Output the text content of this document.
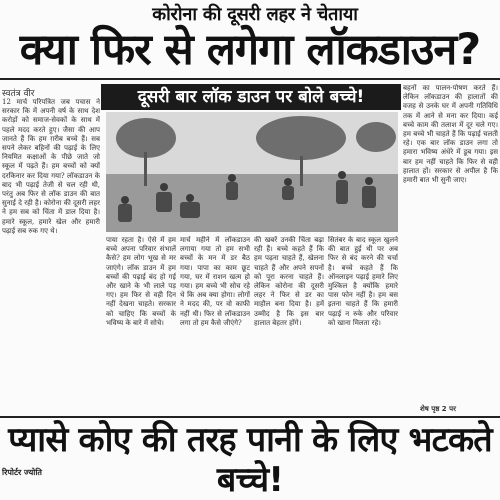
कोरोना की दूसरी लहर ने चेताया
क्या फिर से लगेगा लॉकडाउन?
स्वतंत्र वीर

12 मार्च परिपत्रित जब पचास ने सरकार कि में अपनी वर्ष के साथ देश करोड़ों को समाज-सेवकों के साथ में पहले मदद करते हुए। जैसा की आप जानते हैं कि हम ग़रीब बच्चे हैं। सब सपने लेकर बहिनों की पढ़ाई के लिए नियमित कक्षाओं के पीछे जाते जो स्कूल में पढ़ते हैं। हम बच्चों को क्यों दरकिनार कर दिया गया? लॉकडाउन के बाद भी पढ़ाई तेजी से चल रही थी, परंतु अब फिर से लॉक डाउन की बात सुनाई दे रही है। कोरोना की दूसरी लहर ने हम सब को चिंता में डाल दिया है। हमारे स्कूल, हमारे खेल और हमारी पढ़ाई सब रुक गए थे।

दूसरी बार लॉक डाउन पर बोले बच्चे!

पाया रहता है। ऐसे में हम बच्चे अपना परिवार संभालें कैसे? हम लोग भूख से मर जाएंगे। लॉक डाउन में हम बच्चों की पढ़ाई बंद हो गई और खाने के भी लाले पड़ गए। हम फिर से वही दिन नहीं देखना चाहते। सरकार को चाहिए कि बच्चों के भविष्य के बारे में सोचे।

मार्च महीने में लॉकडाउन लगाया गया तो हम सभी बच्चों के मन में डर बैठ गया। पापा का काम छूट गया, घर में राशन खत्म हो गया। हम बच्चे भी सोच रहे थे कि अब क्या होगा। लोगों ने मदद की, पर वो काफी नहीं थी। फिर से लॉकडाउन लगा तो हम कैसे जीएंगे?

की खबरें उनकी चिंता बढ़ा रही हैं। बच्चे कहते हैं कि हम पढ़ना चाहते हैं, खेलना चाहते हैं और अपने सपनों को पूरा करना चाहते हैं। लेकिन कोरोना की दूसरी लहर ने फिर से डर का माहौल बना दिया है। हमें उम्मीद है कि इस बार हालात बेहतर होंगे।

सितंबर के बाद स्कूल खुलने की बात हुई थी पर अब फिर से बंद करने की चर्चा है। बच्चे कहते हैं कि ऑनलाइन पढ़ाई हमारे लिए मुश्किल है क्योंकि हमारे पास फोन नहीं है। हम बस इतना चाहते हैं कि हमारी पढ़ाई न रुके और परिवार को खाना मिलता रहे।

बहनों का पालन-पोषण करते हैं। लेकिन लॉकडाउन की हालातों की वजह से उनके घर में अपनी गतिविधि तक में आने से मना कर दिया। कई बच्चे काम की तलाश में दूर चले गए। हम बच्चे भी चाहते हैं कि पढ़ाई चलती रहे। एक बार लॉक डाउन लगा तो हमारा भविष्य अंधेरे में डूब गया। इस बार हम नहीं चाहते कि फिर से वही हालात हों। सरकार से अपील है कि हमारी बात भी सुनी जाए।

शेष पृष्ठ 2 पर
प्यासे कोए की तरह पानी के लिए भटकते बच्चे!
रिपोर्टर ज्योति
